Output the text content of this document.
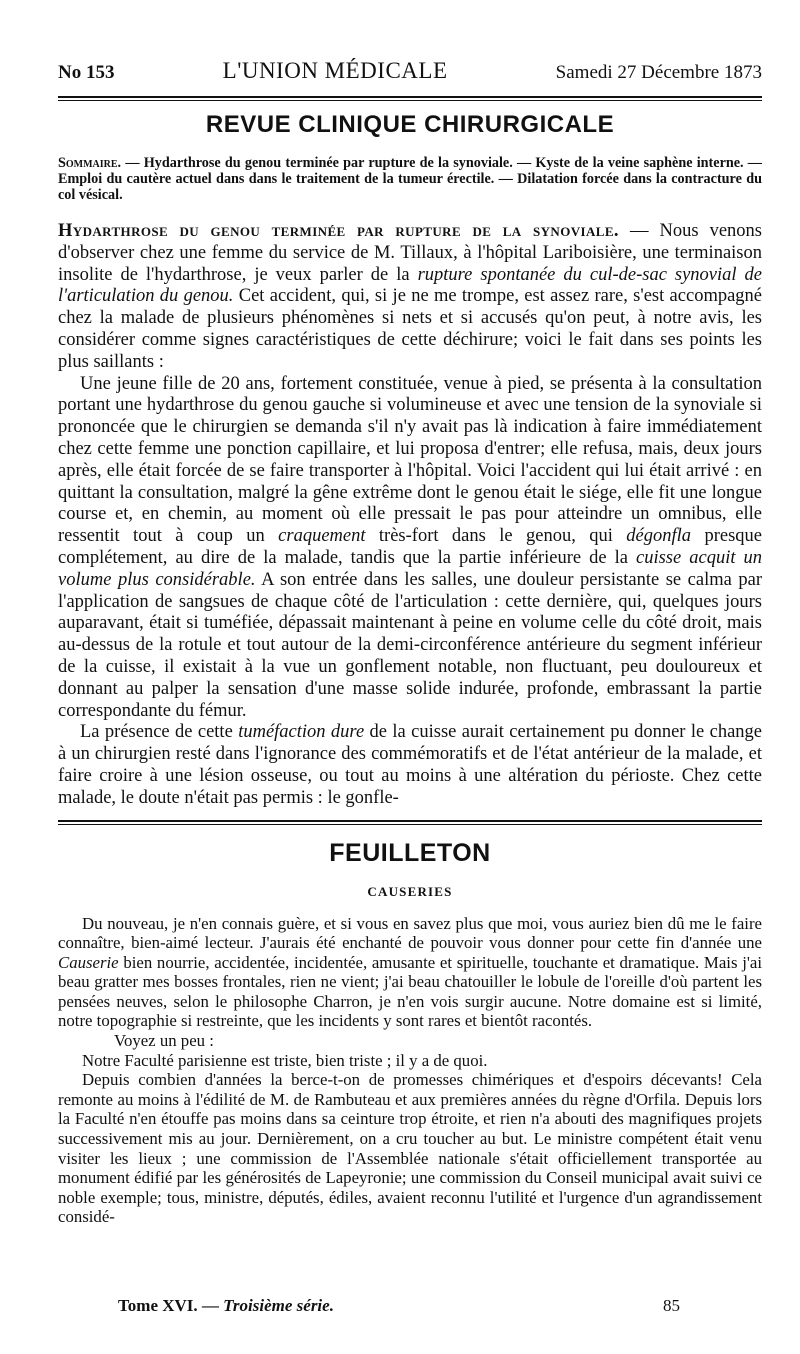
No 153	L'UNION MÉDICALE	Samedi 27 Décembre 1873
REVUE CLINIQUE CHIRURGICALE
Sommaire. — Hydarthrose du genou terminée par rupture de la synoviale. — Kyste de la veine saphène interne. — Emploi du cautère actuel dans dans le traitement de la tumeur érectile. — Dilatation forcée dans la contracture du col vésical.

Hydarthrose du genou terminée par rupture de la synoviale. — Nous venons d'observer chez une femme du service de M. Tillaux, à l'hôpital Lariboisière, une terminaison insolite de l'hydarthrose, je veux parler de la rupture spontanée du cul-de-sac synovial de l'articulation du genou. Cet accident, qui, si je ne me trompe, est assez rare, s'est accompagné chez la malade de plusieurs phénomènes si nets et si accusés qu'on peut, à notre avis, les considérer comme signes caractéristiques de cette déchirure; voici le fait dans ses points les plus saillants :

Une jeune fille de 20 ans, fortement constituée, venue à pied, se présenta à la consultation portant une hydarthrose du genou gauche si volumineuse et avec une tension de la synoviale si prononcée que le chirurgien se demanda s'il n'y avait pas là indication à faire immédiatement chez cette femme une ponction capillaire, et lui proposa d'entrer; elle refusa, mais, deux jours après, elle était forcée de se faire transporter à l'hôpital. Voici l'accident qui lui était arrivé : en quittant la consultation, malgré la gêne extrême dont le genou était le siége, elle fit une longue course et, en chemin, au moment où elle pressait le pas pour atteindre un omnibus, elle ressentit tout à coup un craquement très-fort dans le genou, qui dégonfla presque complétement, au dire de la malade, tandis que la partie inférieure de la cuisse acquit un volume plus considérable. A son entrée dans les salles, une douleur persistante se calma par l'application de sangsues de chaque côté de l'articulation : cette dernière, qui, quelques jours auparavant, était si tuméfiée, dépassait maintenant à peine en volume celle du côté droit, mais au-dessus de la rotule et tout autour de la demi-circonférence antérieure du segment inférieur de la cuisse, il existait à la vue un gonflement notable, non fluctuant, peu douloureux et donnant au palper la sensation d'une masse solide indurée, profonde, embrassant la partie correspondante du fémur.

La présence de cette tuméfaction dure de la cuisse aurait certainement pu donner le change à un chirurgien resté dans l'ignorance des commémoratifs et de l'état antérieur de la malade, et faire croire à une lésion osseuse, ou tout au moins à une altération du périoste. Chez cette malade, le doute n'était pas permis : le gonfle-

FEUILLETON
CAUSERIES

Du nouveau, je n'en connais guère, et si vous en savez plus que moi, vous auriez bien dû me le faire connaître, bien-aimé lecteur. J'aurais été enchanté de pouvoir vous donner pour cette fin d'année une Causerie bien nourrie, accidentée, incidentée, amusante et spirituelle, touchante et dramatique. Mais j'ai beau gratter mes bosses frontales, rien ne vient; j'ai beau chatouiller le lobule de l'oreille d'où partent les pensées neuves, selon le philosophe Charron, je n'en vois surgir aucune. Notre domaine est si limité, notre topographie si restreinte, que les incidents y sont rares et bientôt racontés.

Voyez un peu :

Notre Faculté parisienne est triste, bien triste ; il y a de quoi.

Depuis combien d'années la berce-t-on de promesses chimériques et d'espoirs décevants! Cela remonte au moins à l'édilité de M. de Rambuteau et aux premières années du règne d'Orfila. Depuis lors la Faculté n'en étouffe pas moins dans sa ceinture trop étroite, et rien n'a abouti des magnifiques projets successivement mis au jour. Dernièrement, on a cru toucher au but. Le ministre compétent était venu visiter les lieux ; une commission de l'Assemblée nationale s'était officiellement transportée au monument édifié par les générosités de Lapeyronie; une commission du Conseil municipal avait suivi ce noble exemple; tous, ministre, députés, édiles, avaient reconnu l'utilité et l'urgence d'un agrandissement considé-

Tome XVI. — Troisième série.	85
